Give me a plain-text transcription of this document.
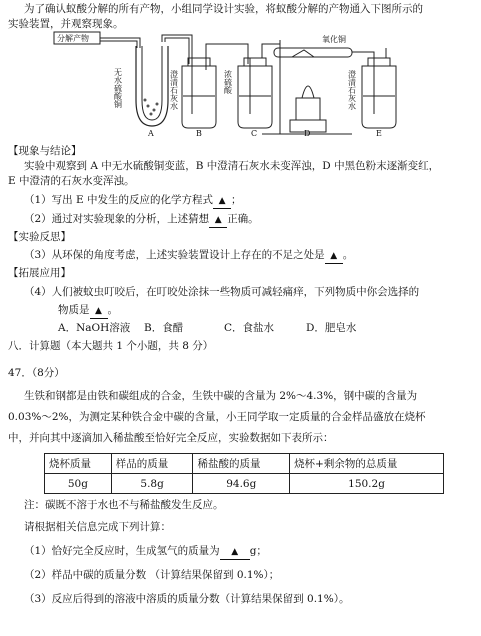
为了确认蚁酸分解的所有产物，小组同学设计实验，将蚁酸分解的产物通入下图所示的
实验装置，并观察现象。
分解产物
无水硫酸铜	澄清石灰水	浓硫酸
氧化铜
澄清石灰水
A	B	C	D	E
【现象与结论】
实验中观察到 A 中无水硫酸铜变蓝，B 中澄清石灰水未变浑浊，D 中黑色粉末逐渐变红，
E 中澄清的石灰水变浑浊。
（1）写出 E 中发生的反应的化学方程式 ▲ ；
（2）通过对实验现象的分析，上述猜想 ▲ 正确。
【实验反思】
（3）从环保的角度考虑，上述实验装置设计上存在的不足之处是 ▲ 。
【拓展应用】
（4）人们被蚊虫叮咬后，在叮咬处涂抹一些物质可减轻痛痒，下列物质中你会选择的
物质是 ▲ 。
A．NaOH溶液 B．食醋	C．食盐水	D．肥皂水
八．计算题（本大题共 1 个小题，共 8 分）
47．（8分）
生铁和钢都是由铁和碳组成的合金，生铁中碳的含量为 2%～4.3%，钢中碳的含量为
0.03%～2%，为测定某种铁合金中碳的含量，小王同学取一定质量的合金样品盛放在烧杯
中，并向其中逐滴加入稀盐酸至恰好完全反应，实验数据如下表所示：
烧杯质量	样品的质量	稀盐酸的质量	烧杯+剩余物的总质量
50g	5.8g	94.6g	150.2g
注：碳既不溶于水也不与稀盐酸发生反应。
请根据相关信息完成下列计算：
（1）恰好完全反应时，生成氢气的质量为 ▲ g；
（2）样品中碳的质量分数 （计算结果保留到 0.1%）；
（3）反应后得到的溶液中溶质的质量分数（计算结果保留到 0.1%）。
